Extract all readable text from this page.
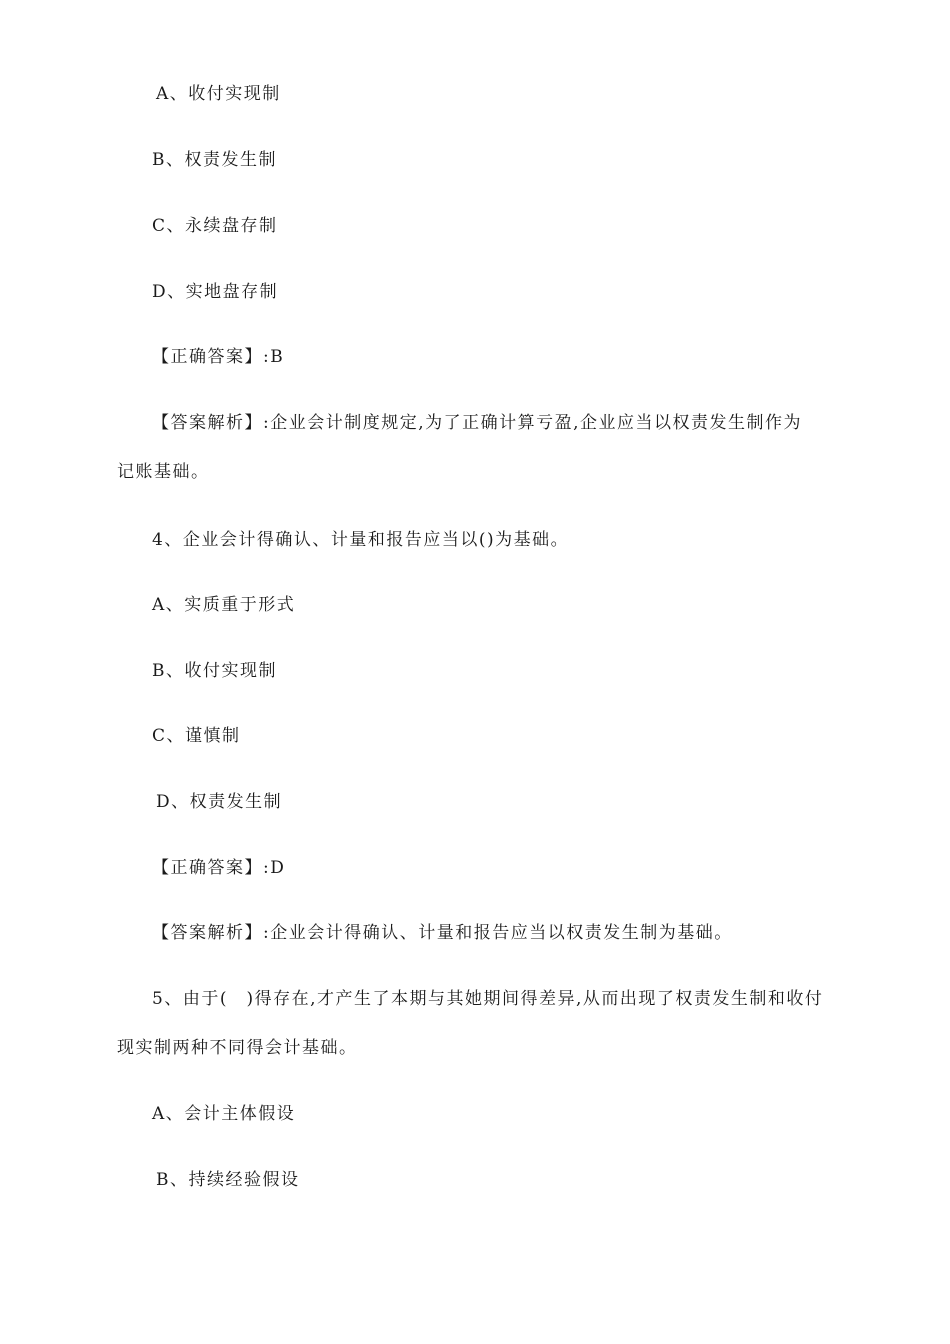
A、收付实现制
B、权责发生制
C、永续盘存制
D、实地盘存制
【正确答案】:B
【答案解析】:企业会计制度规定,为了正确计算亏盈,企业应当以权责发生制作为
记账基础。
4、企业会计得确认、计量和报告应当以()为基础。
A、实质重于形式
B、收付实现制
C、谨慎制
D、权责发生制
【正确答案】:D
【答案解析】:企业会计得确认、计量和报告应当以权责发生制为基础。
5、由于(　)得存在,才产生了本期与其她期间得差异,从而出现了权责发生制和收付
现实制两种不同得会计基础。
A、会计主体假设
B、持续经验假设
